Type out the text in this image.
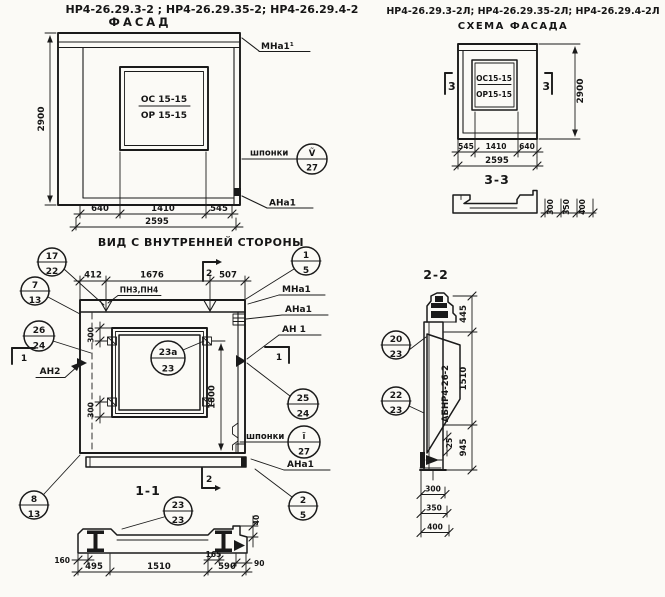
НР4-26.29.3-2 ; НР4-26.29.35-2; НР4-26.29.4-2	НР4-26.29.3-2Л; НР4-26.29.35-2Л; НР4-26.29.4-2Л
ФАСАД	СХЕМА ФАСАДА
ОС 15-15
ОР 15-15
2900
640	1410	545
2595
МНа1¹
шпонки Ṽ
27
АНа1
ОС15-15
ОР15-15
3	3	2900
545 1410 640
2595
3-3
300 350 400
ВИД С ВНУТРЕННЕЙ СТОРОНЫ
23а
23
300
300
1800
412	1676	507
2
ПН3,ПН4
17
22
7
13
26
24
1
АН2
8
13
1
5
МНа1
АНа1
АН 1
1
25
24
шпонки ĩ
27
АНа1
2
5
2
1-1
23
23
160
165
90
495	1510	590
40
2-2
АБНР4-26-2
445
1510
945
25
300
350
400
20
23
22
23
